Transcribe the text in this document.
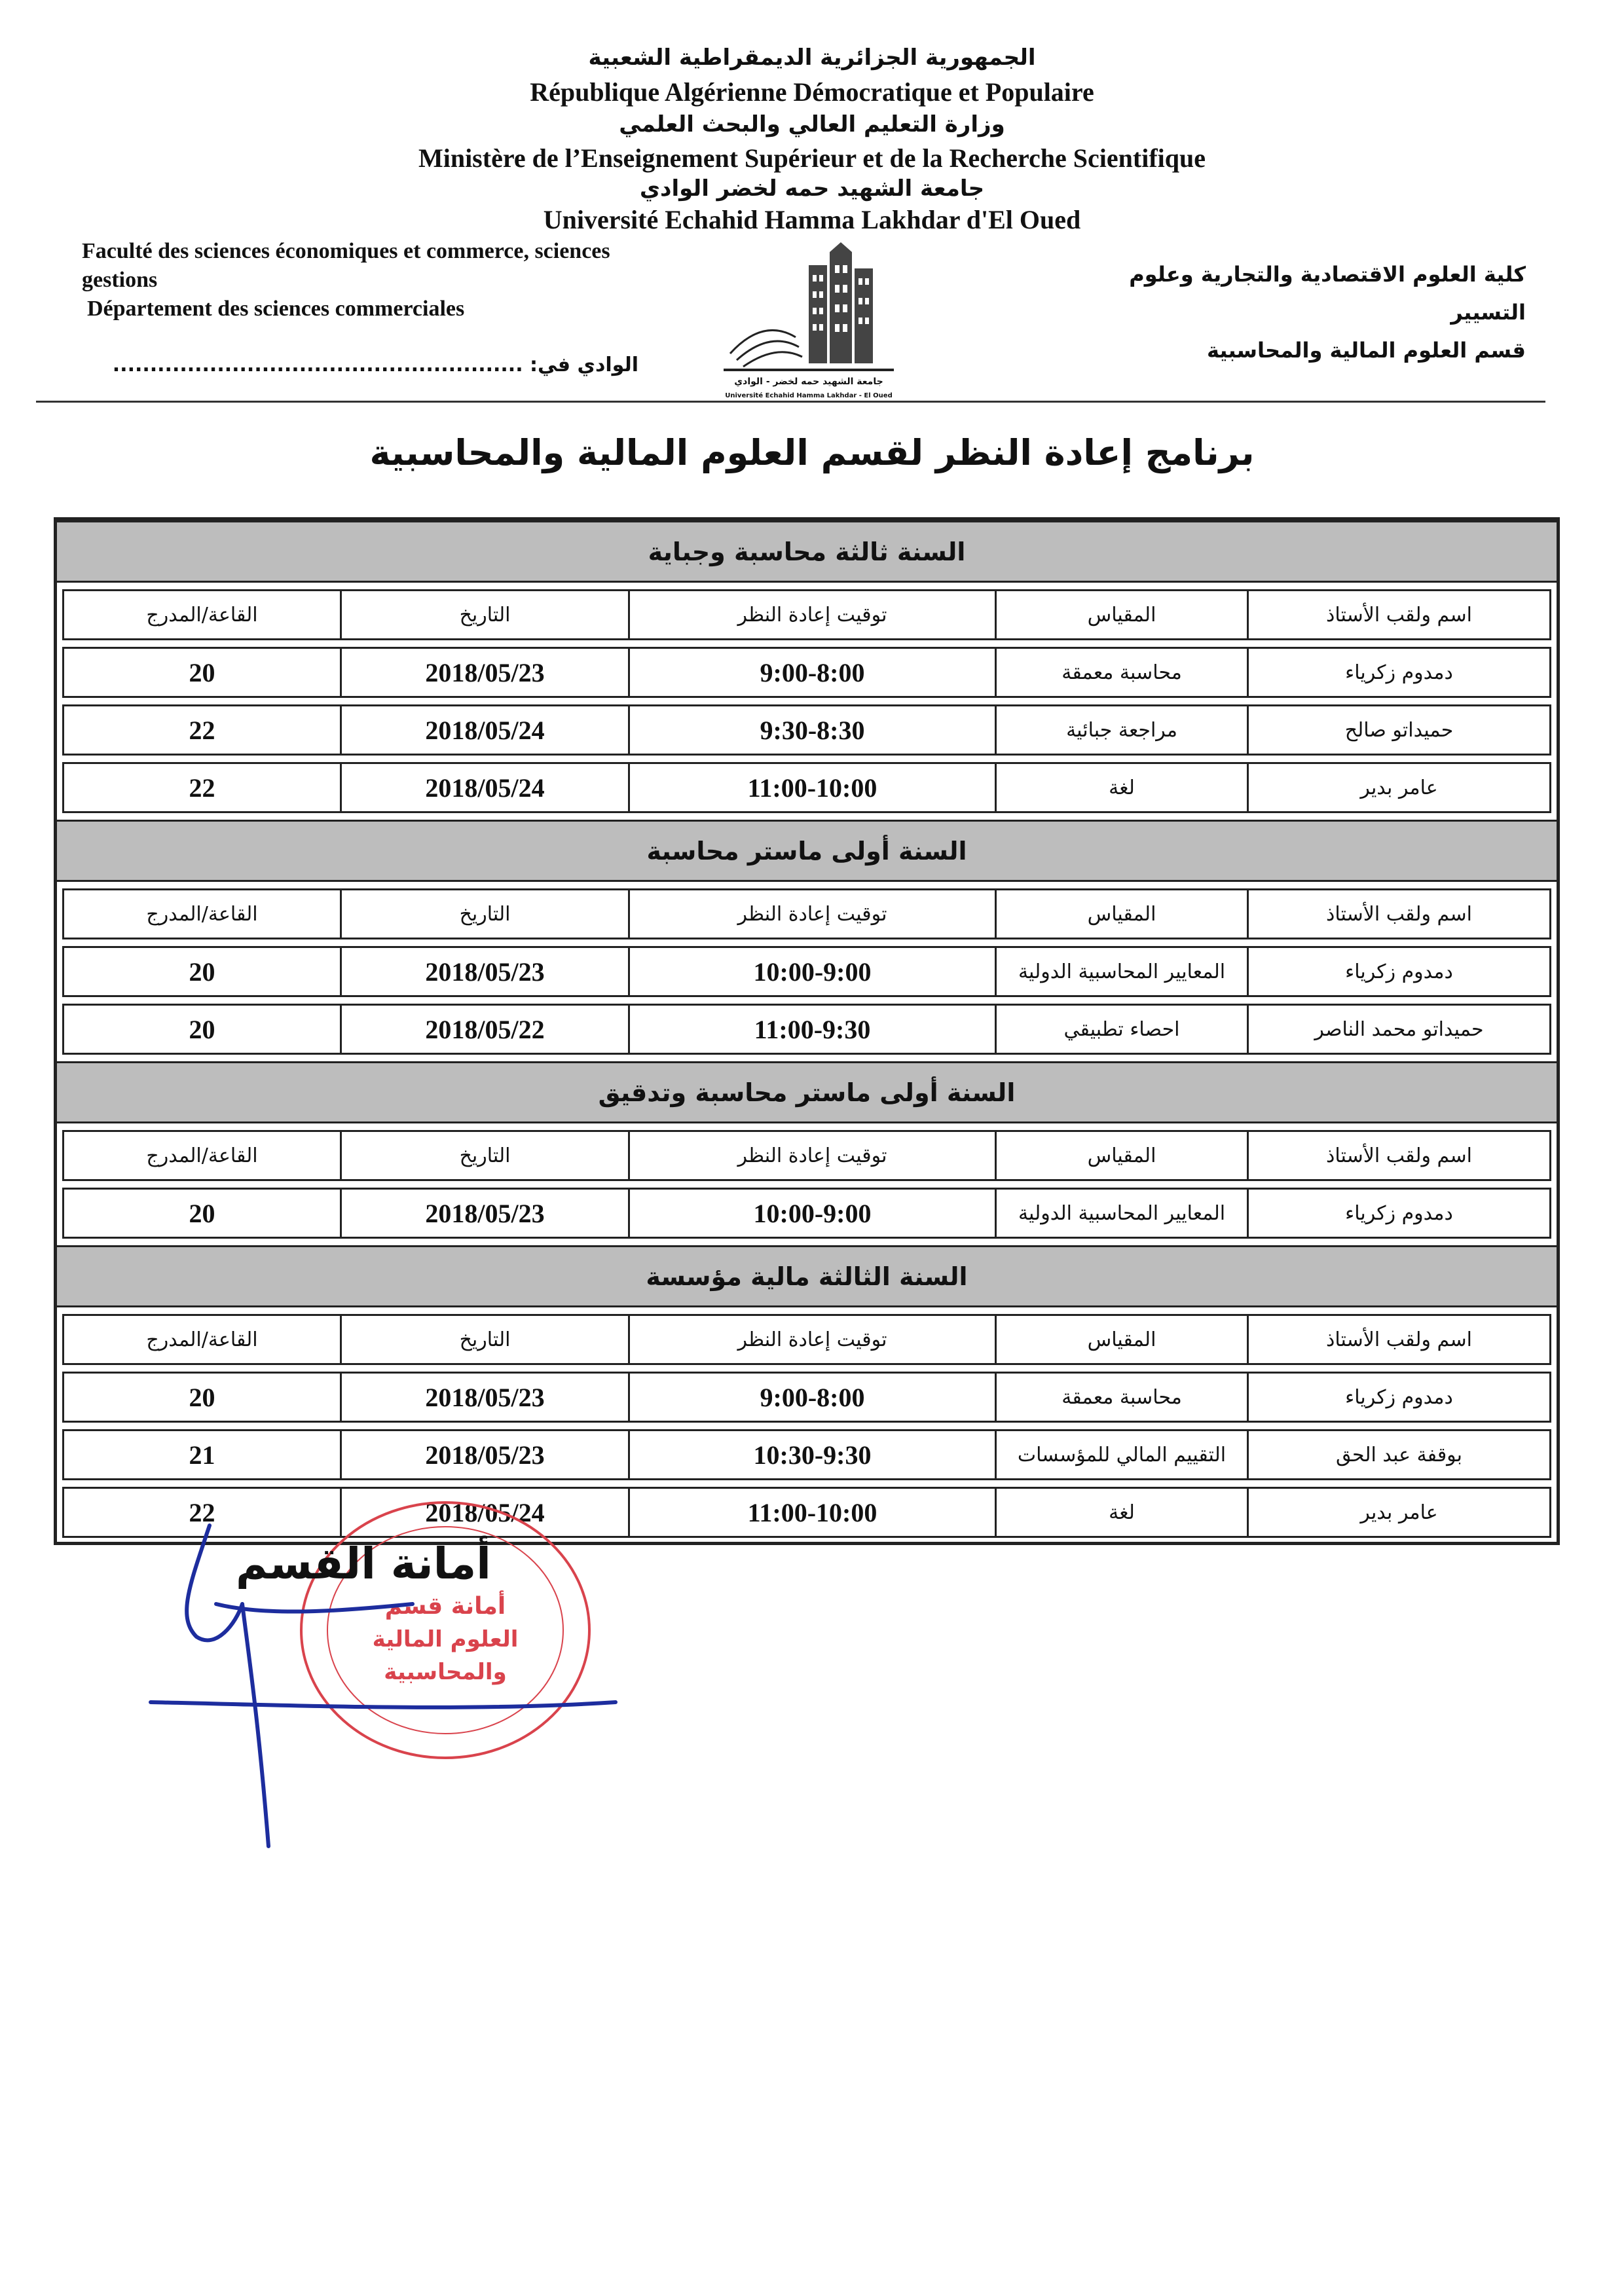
الجمهورية الجزائرية الديمقراطية الشعبية
République Algérienne Démocratique et Populaire
وزارة التعليم العالي والبحث العلمي
Ministère de l’Enseignement Supérieur et de la Recherche Scientifique
جامعة الشهيد حمه لخضر الوادي
Université Echahid Hamma Lakhdar d'El Oued
Faculté des sciences économiques et commerce, sciences
gestions
Département des sciences commerciales
كلية العلوم الاقتصادية والتجارية وعلوم التسيير
قسم العلوم المالية والمحاسبية
الوادي في: .......................................................
جامعة الشهيد حمه لخضر - الوادي
Université Echahid Hamma Lakhdar - El Oued
برنامج إعادة النظر لقسم العلوم المالية والمحاسبية
السنة ثالثة محاسبة وجباية
اسم ولقب الأستاذ
المقياس
توقيت إعادة النظر
التاريخ
القاعة/المدرج
دمدوم زكرياء
محاسبة معمقة
9:00-8:00
2018/05/23
20
حميداتو صالح
مراجعة جبائية
9:30-8:30
2018/05/24
22
عامر بدير
لغة
11:00-10:00
2018/05/24
22
السنة أولى ماستر محاسبة
اسم ولقب الأستاذ
المقياس
توقيت إعادة النظر
التاريخ
القاعة/المدرج
دمدوم زكرياء
المعايير المحاسبية الدولية
10:00-9:00
2018/05/23
20
حميداتو محمد الناصر
احصاء تطبيقي
11:00-9:30
2018/05/22
20
السنة أولى ماستر محاسبة وتدقيق
اسم ولقب الأستاذ
المقياس
توقيت إعادة النظر
التاريخ
القاعة/المدرج
دمدوم زكرياء
المعايير المحاسبية الدولية
10:00-9:00
2018/05/23
20
السنة الثالثة مالية مؤسسة
اسم ولقب الأستاذ
المقياس
توقيت إعادة النظر
التاريخ
القاعة/المدرج
دمدوم زكرياء
محاسبة معمقة
9:00-8:00
2018/05/23
20
بوقفة عبد الحق
التقييم المالي للمؤسسات
10:30-9:30
2018/05/23
21
عامر بدير
لغة
11:00-10:00
2018/05/24
22
أمانة قسم
العلوم المالية
والمحاسبية
أمانة القسم
